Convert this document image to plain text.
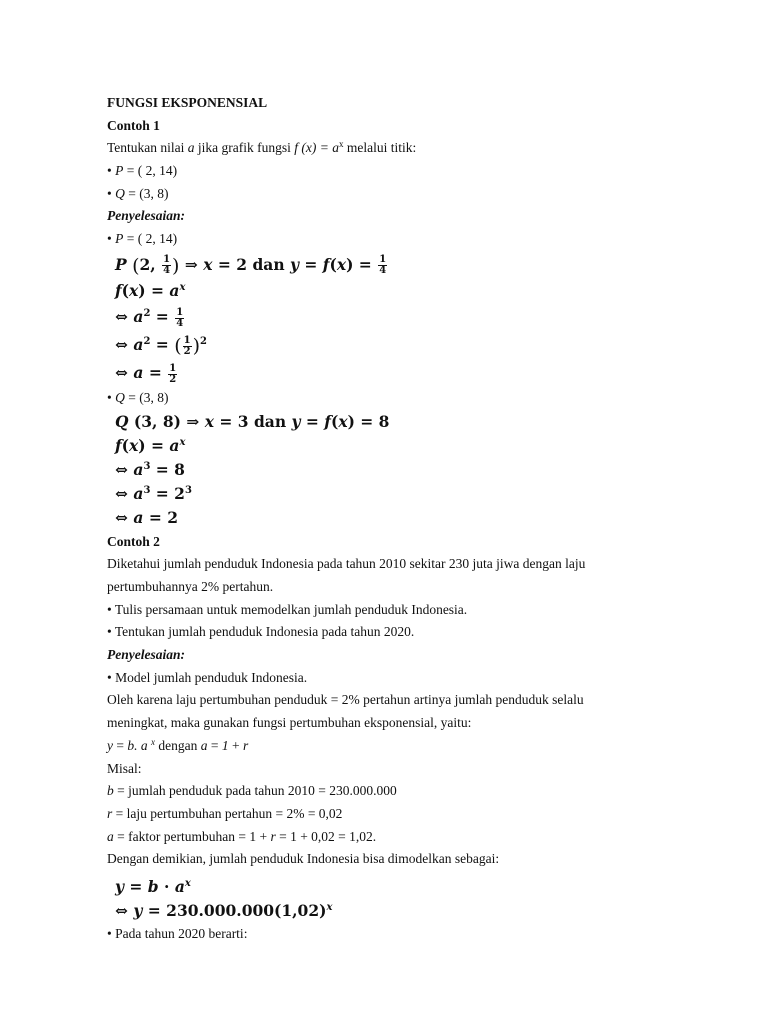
FUNGSI EKSPONENSIAL
Contoh 1
Tentukan nilai a jika grafik fungsi f $(x) = a^x$ melalui titik:
• P = ( 2, 14)
• Q = (3, 8)
Penyelesaian:
• P = ( 2, 14)
P (2, $\frac{1}{4}$ ) ⇒ x = 2 dan $y = f(x) = \frac{1}{4}$
$f(x) = a^x$
⇔ $a^2 = \frac{1}{4}$
⇔ $a^2$ = ( $\frac{1}{2} )^2$
⇔ $a = \frac{1}{2}$
• Q = (3, 8)
Q (3, 8) ⇒ x = 3 dan y = f(x) = 8
$f(x) = a^x$
⇔ $a^3 = 8$
⇔ $a^3 = 2^3$
⇔ a = 2
Contoh 2
Diketahui jumlah penduduk Indonesia pada tahun 2010 sekitar 230 juta jiwa dengan laju
pertumbuhannya 2% pertahun.
• Tulis persamaan untuk memodelkan jumlah penduduk Indonesia.
• Tentukan jumlah penduduk Indonesia pada tahun 2020.
Penyelesaian:
• Model jumlah penduduk Indonesia.
Oleh karena laju pertumbuhan penduduk = 2% pertahun artinya jumlah penduduk selalu
meningkat, maka gunakan fungsi pertumbuhan eksponensial, yaitu:
y = b. a $^x$ dengan a = 1 + r
Misal:
b = jumlah penduduk pada tahun 2010 = 230.000.000
r = laju pertumbuhan pertahun = 2% = 0,02
a = faktor pertumbuhan = 1 + r = 1 + 0,02 = 1,02.
Dengan demikian, jumlah penduduk Indonesia bisa dimodelkan sebagai:
$y = b \cdot a^x$
⇔ $y = 230.000.000(1,02)^x$
• Pada tahun 2020 berarti:
